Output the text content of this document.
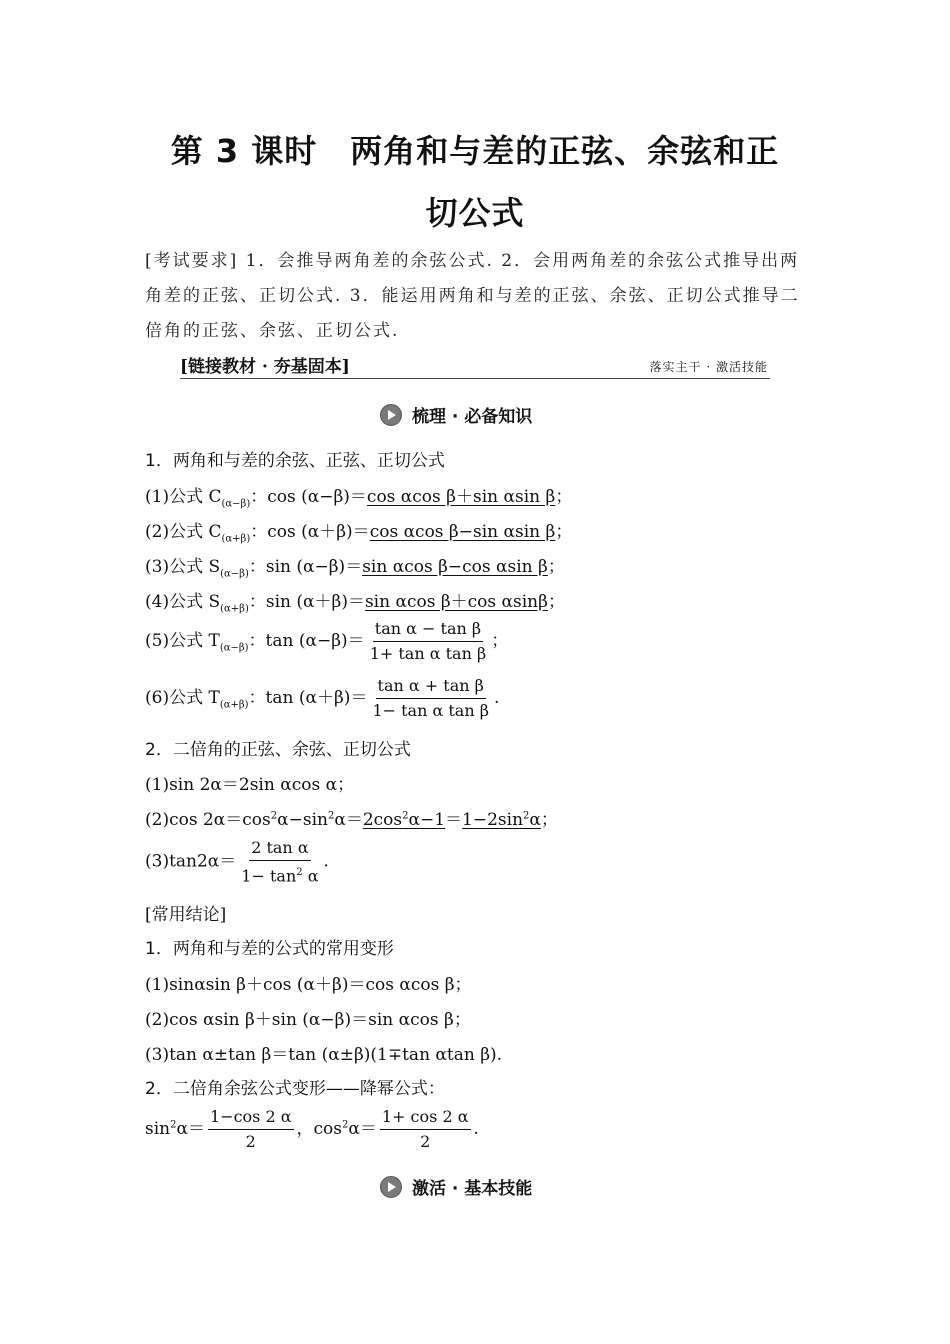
第 3 课时　两角和与差的正弦、余弦和正
切公式
[考试要求] 1．会推导两角差的余弦公式. 2．会用两角差的余弦公式推导出两角差的正弦、正切公式. 3．能运用两角和与差的正弦、余弦、正切公式推导二倍角的正弦、余弦、正切公式.
[链接教材 · 夯基固本]	落实主干 · 激活技能
梳理 · 必备知识
1．两角和与差的余弦、正弦、正切公式
(1)公式 $C_{(\alpha-\beta)}$：cos (α−β)＝cos αcos β＋sin αsin β；
(2)公式 $C_{(\alpha+\beta)}$：cos (α＋β)＝cos αcos β−sin αsin β；
(3)公式 $S_{(\alpha-\beta)}$：sin (α−β)＝sin αcos β−cos αsin β；
(4)公式 $S_{(\alpha+\beta)}$：sin (α＋β)＝sin αcos β＋cos αsinβ；
(5)公式 $T_{(\alpha-\beta)}$：$\tan (\alpha-\beta)= \frac{\text{tan α − tan β}}{\text{1+ tan α tan β}}$ ；
(6)公式 $T_{(\alpha+\beta)}$：$\tan (\alpha+\beta)= \frac{\text{tan α + tan β}}{\text{1− tan α tan β}}$ .
2．二倍角的正弦、余弦、正切公式
(1)sin 2α＝2sin αcos α；
(2)cos $2\alpha=\cos^2\alpha-\sin^2\alpha=2\cos^2\alpha-1=1-2\sin^2\alpha$；
$(3)\tan 2\alpha= \frac{\text{2 tan α}}{1- \tan^2 \alpha}$ .
[常用结论]
1．两角和与差的公式的常用变形
(1)sinαsin β＋cos (α＋β)＝cos αcos β；
(2)cos αsin β＋sin (α−β)＝sin αcos β；
(3)tan α±tan β＝tan (α±β)(1∓tan αtan β).
2．二倍角余弦公式变形——降幂公式：
$\sin^2\alpha= \frac{1-\cos 2 \alpha}{2}$ ，$\cos^2\alpha= \frac{1+ \cos 2 \alpha}{2}$ .
激活 · 基本技能
